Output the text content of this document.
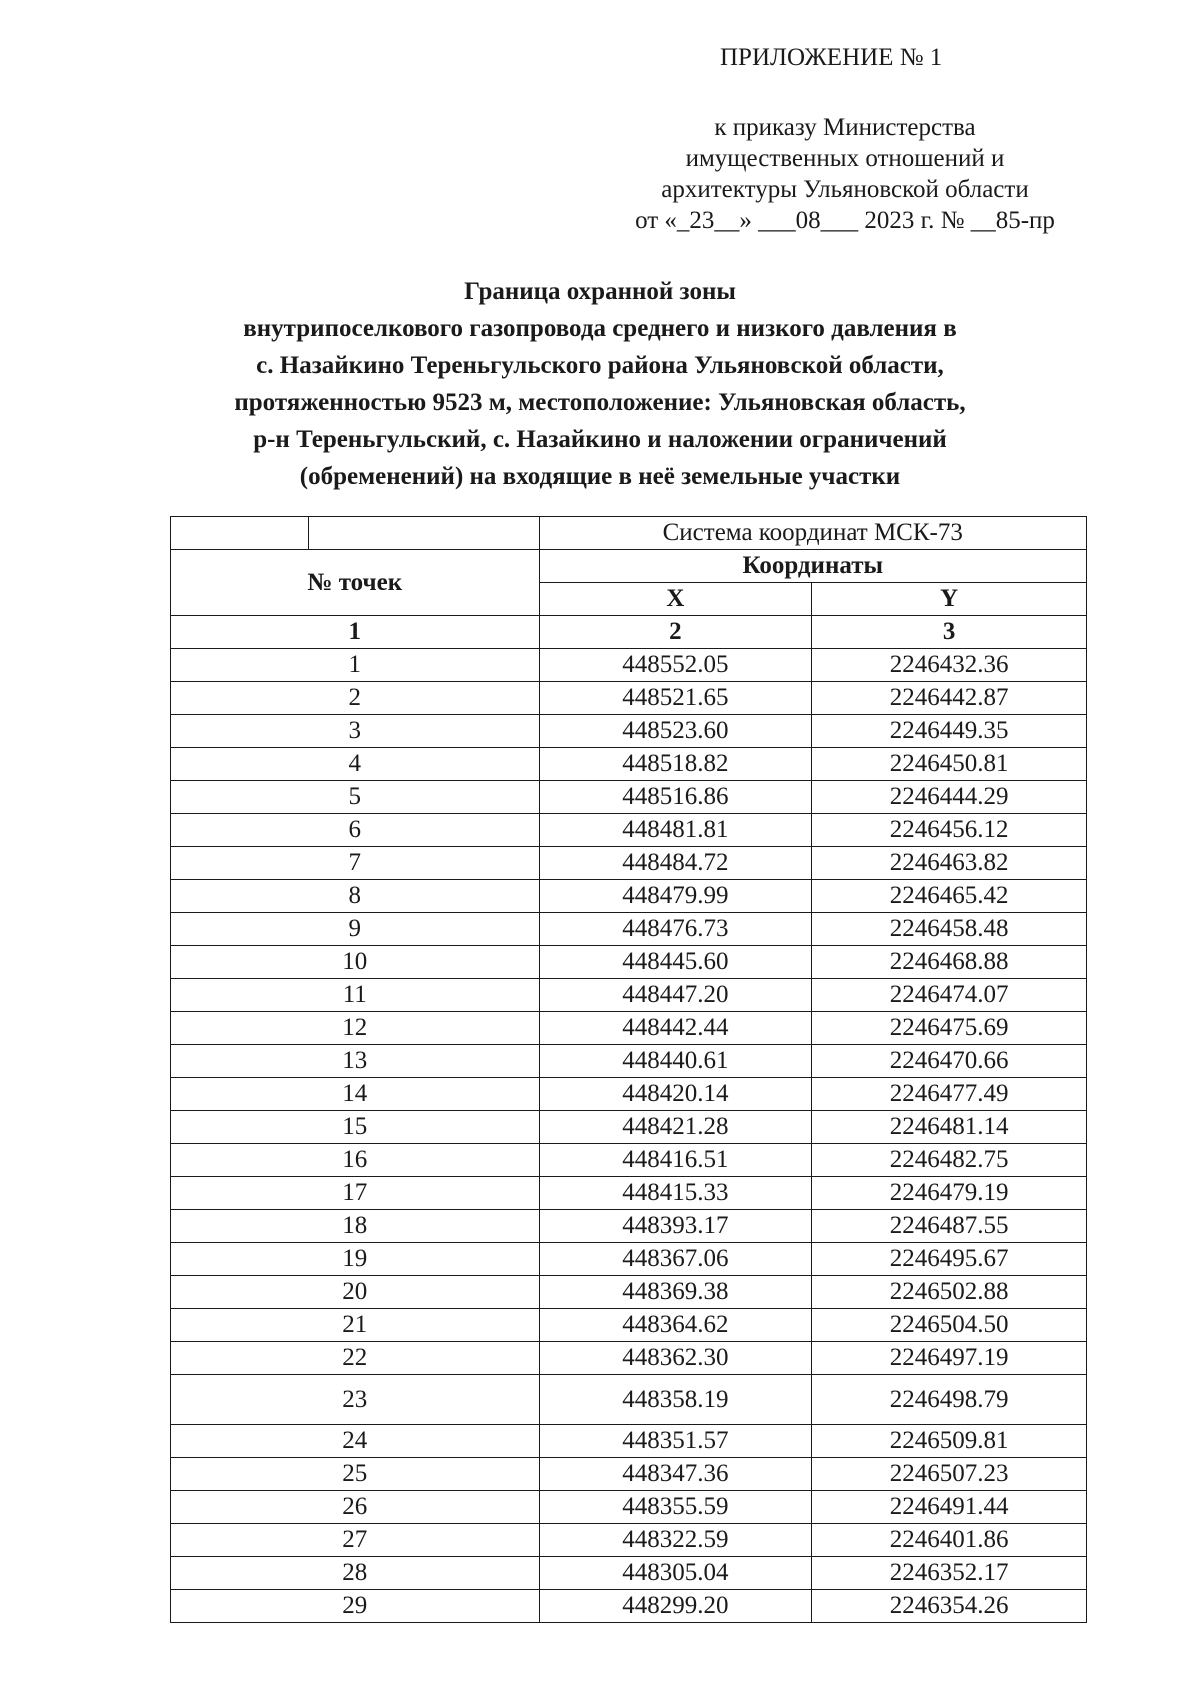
ПРИЛОЖЕНИЕ № 1
к приказу Министерства
имущественных отношений и
архитектуры Ульяновской области
от «_23__» ___08___ 2023 г. № __85-пр
Граница охранной зоны
внутрипоселкового газопровода среднего и низкого давления в
с. Назайкино Тереньгульского района Ульяновской области,
протяженностью 9523 м, местоположение: Ульяновская область,
р-н Тереньгульский, с. Назайкино и наложении ограничений
(обременений) на входящие в неё земельные участки
		Система координат МСК-73	
№ точек		Координаты	
		X	Y
1		2	3
1		448552.05	2246432.36
2		448521.65	2246442.87
3		448523.60	2246449.35
4		448518.82	2246450.81
5		448516.86	2246444.29
6		448481.81	2246456.12
7		448484.72	2246463.82
8		448479.99	2246465.42
9		448476.73	2246458.48
10		448445.60	2246468.88
11		448447.20	2246474.07
12		448442.44	2246475.69
13		448440.61	2246470.66
14		448420.14	2246477.49
15		448421.28	2246481.14
16		448416.51	2246482.75
17		448415.33	2246479.19
18		448393.17	2246487.55
19		448367.06	2246495.67
20		448369.38	2246502.88
21		448364.62	2246504.50
22		448362.30	2246497.19
23		448358.19	2246498.79
24		448351.57	2246509.81
25		448347.36	2246507.23
26		448355.59	2246491.44
27		448322.59	2246401.86
28		448305.04	2246352.17
29		448299.20	2246354.26
